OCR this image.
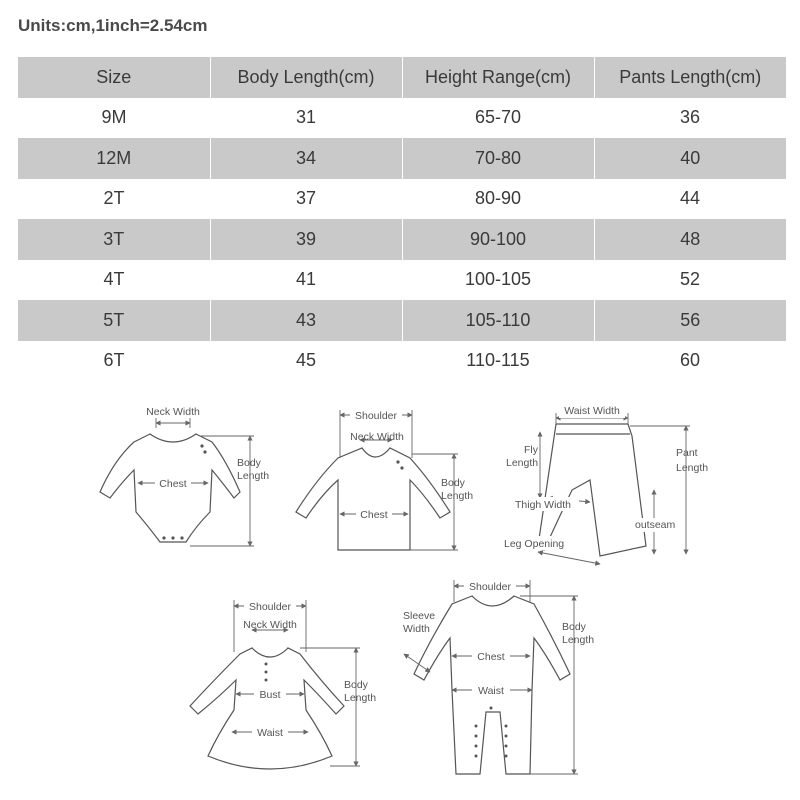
Units:cm,1inch=2.54cm
Size	Body Length(cm)	Height Range(cm)	Pants Length(cm)
9M	31	65-70	36
12M	34	70-80	40
2T	37	80-90	44
3T	39	90-100	48
4T	41	100-105	52
5T	43	105-110	56
6T	45	110-115	60
Neck Width
Chest
Body
Length
Shoulder
Neck Width
Chest
Body
Length
Waist Width
Fly
Length
Pant
Length
Thigh Width
outseam
Leg Opening
Shoulder
Neck Width
Bust
Waist
Body
Length
Shoulder
Sleeve
Width
Chest
Waist
Body
Length
